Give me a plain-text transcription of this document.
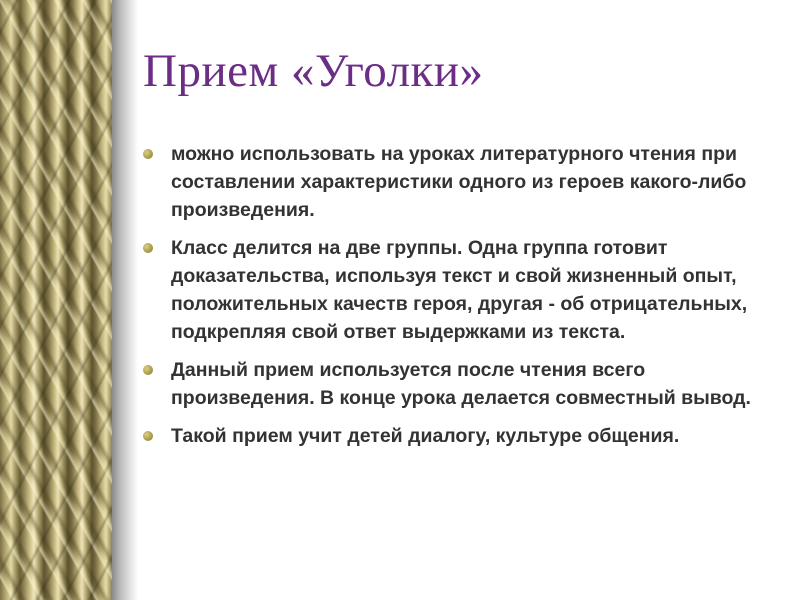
Прием «Уголки»
можно использовать на уроках литературного чтения при составлении характеристики одного из героев какого-либо произведения.
Класс делится на две группы. Одна группа готовит доказательства, используя текст и свой жизненный опыт, положительных качеств героя, другая - об отрицательных, подкрепляя свой ответ выдержками из текста.
Данный прием используется после чтения всего произведения. В конце урока делается совместный вывод.
Такой прием учит детей диалогу, культуре общения.
